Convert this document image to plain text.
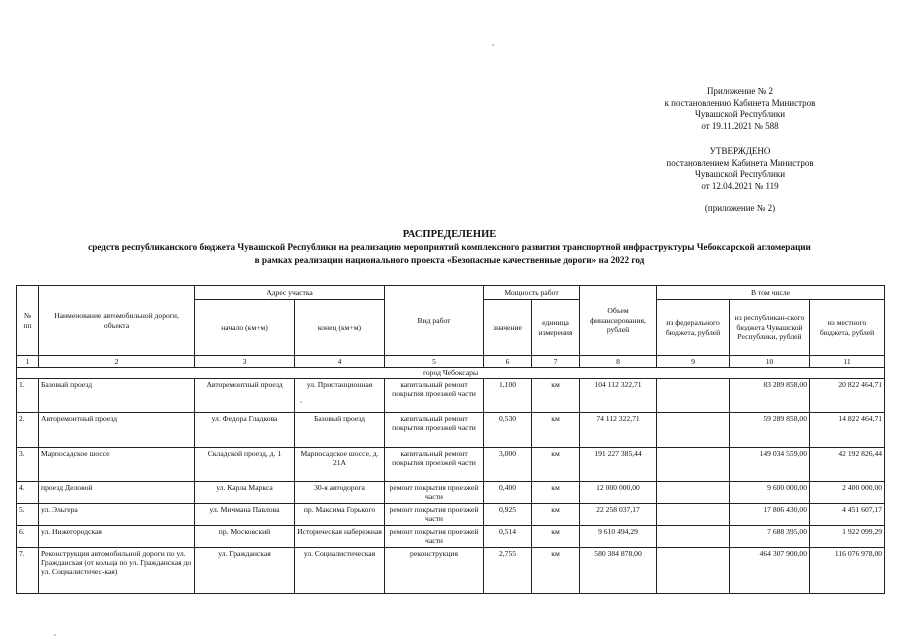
Приложение № 2

к постановлению Кабинета Министров

Чувашской Республики

от 19.11.2021 № 588

УТВЕРЖДЕНО

постановлением Кабинета Министров

Чувашской Республики

от 12.04.2021 № 119

(приложение № 2)

РАСПРЕДЕЛЕНИЕ
средств республиканского бюджета Чувашской Республики на реализацию мероприятий комплексного развития транспортной инфраструктуры Чебоксарской агломерации
в рамках реализации национального проекта «Безопасные качественные дороги» на 2022 год
№ пп	Наименование автомобильной дороги, объекта	Адрес участка		Вид работ	Мощность работ		Объем финансирования, рублей	В том числе		
		начало (км+м)	конец (км+м)		значение	единица измерения		из федерального бюджета, рублей	из республикан-ского бюджета Чувашской Республики, рублей	из местного бюджета, рублей
1	2	3	4	5	6	7	8	9	10	11
город Чебоксары										
1.	Базовый проезд	Авторемонтный проезд	ул. Пристанционная	капитальный ремонт покрытия проезжей части	1,100	км	104 112 322,71		83 289 858,00	20 822 464,71
2.	Авторемонтный проезд	ул. Федора Гладкова	Базовый проезд	капитальный ремонт покрытия проезжей части	0,530	км	74 112 322,71		59 289 858,00	14 822 464,71
3.	Марпосадское шоссе	Складской проезд, д. 1	Марпосадское шоссе, д. 21А	капитальный ремонт покрытия проезжей части	3,000	км	191 227 385,44		149 034 559,00	42 192 826,44
4.	проезд Деловой	ул. Карла Маркса	30-я автодорога	ремонт покрытия проезжей части	0,400	км	12 000 000,00		9 600 000,00	2 400 000,00
5.	ул. Эльгера	ул. Мичмана Павлова	пр. Максима Горького	ремонт покрытия проезжей части	0,925	км	22 258 037,17		17 806 430,00	4 451 607,17
6.	ул. Нижегородская	пр. Московский	Историческая набережная	ремонт покрытия проезжей части	0,514	км	9 610 494,29		7 688 395,00	1 922 099,29
7.	Реконструкция автомобильной дороги по ул. Гражданская (от кольца по ул. Гражданская до ул. Социалистичес-кая)	ул. Гражданская	ул. Социалистическая	реконструкция	2,755	км	580 384 878,00		464 307 900,00	116 076 978,00
